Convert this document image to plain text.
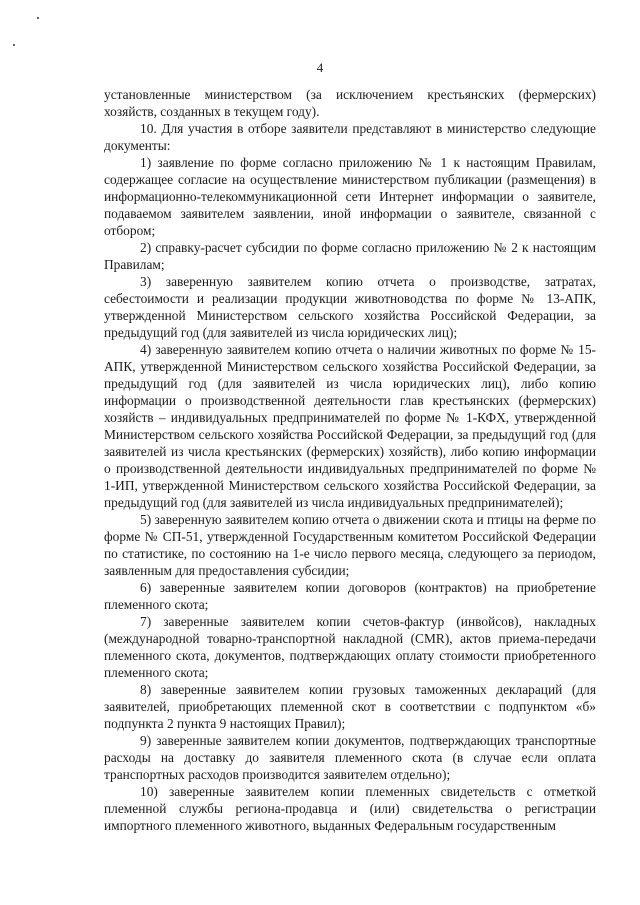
4

установленные министерством (за исключением крестьянских (фермерских) хозяйств, созданных в текущем году).

10. Для участия в отборе заявители представляют в министерство следующие документы:

1) заявление по форме согласно приложению № 1 к настоящим Правилам, содержащее согласие на осуществление министерством публикации (размещения) в информационно-телекоммуникационной сети Интернет информации о заявителе, подаваемом заявителем заявлении, иной информации о заявителе, связанной с отбором;

2) справку-расчет субсидии по форме согласно приложению № 2 к настоящим Правилам;

3) заверенную заявителем копию отчета о производстве, затратах, себестоимости и реализации продукции животноводства по форме № 13-АПК, утвержденной Министерством сельского хозяйства Российской Федерации, за предыдущий год (для заявителей из числа юридических лиц);

4) заверенную заявителем копию отчета о наличии животных по форме № 15-АПК, утвержденной Министерством сельского хозяйства Российской Федерации, за предыдущий год (для заявителей из числа юридических лиц), либо копию информации о производственной деятельности глав крестьянских (фермерских) хозяйств – индивидуальных предпринимателей по форме № 1-КФХ, утвержденной Министерством сельского хозяйства Российской Федерации, за предыдущий год (для заявителей из числа крестьянских (фермерских) хозяйств), либо копию информации о производственной деятельности индивидуальных предпринимателей по форме № 1-ИП, утвержденной Министерством сельского хозяйства Российской Федерации, за предыдущий год (для заявителей из числа индивидуальных предпринимателей);

5) заверенную заявителем копию отчета о движении скота и птицы на ферме по форме № СП-51, утвержденной Государственным комитетом Российской Федерации по статистике, по состоянию на 1-е число первого месяца, следующего за периодом, заявленным для предоставления субсидии;

6) заверенные заявителем копии договоров (контрактов) на приобретение племенного скота;

7) заверенные заявителем копии счетов-фактур (инвойсов), накладных (международной товарно-транспортной накладной (CMR), актов приема-передачи племенного скота, документов, подтверждающих оплату стоимости приобретенного племенного скота;

8) заверенные заявителем копии грузовых таможенных деклараций (для заявителей, приобретающих племенной скот в соответствии с подпунктом «б» подпункта 2 пункта 9 настоящих Правил);

9) заверенные заявителем копии документов, подтверждающих транспортные расходы на доставку до заявителя племенного скота (в случае если оплата транспортных расходов производится заявителем отдельно);

10) заверенные заявителем копии племенных свидетельств с отметкой племенной службы региона-продавца и (или) свидетельства о регистрации импортного племенного животного, выданных Федеральным государственным
